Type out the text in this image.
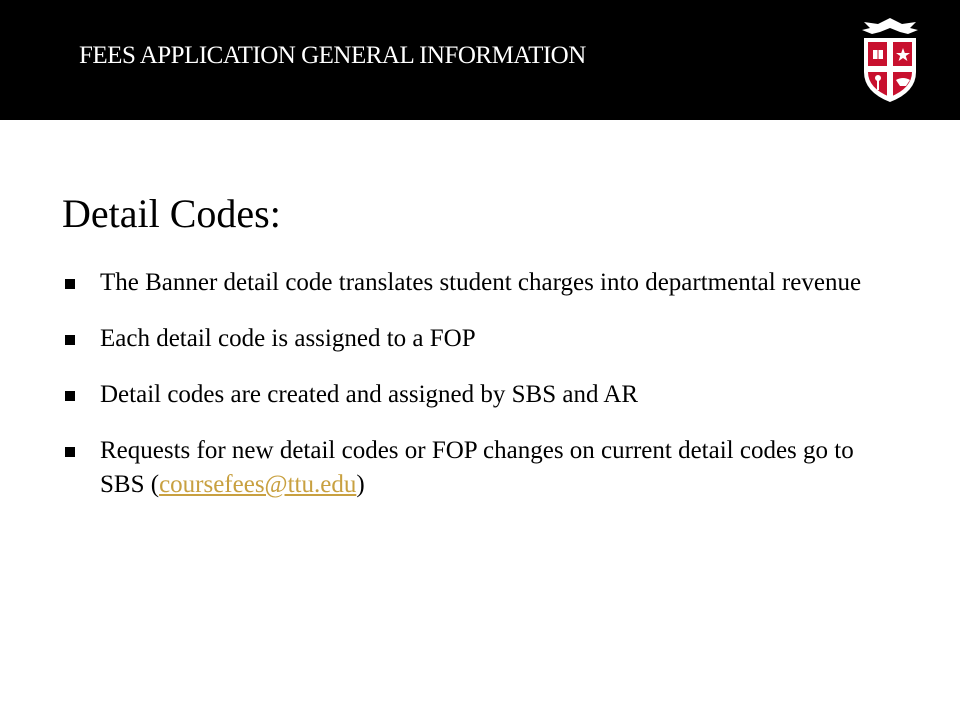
FEES APPLICATION GENERAL INFORMATION
Detail Codes:
The Banner detail code translates student charges into departmental revenue
Each detail code is assigned to a FOP
Detail codes are created and assigned by SBS and AR
Requests for new detail codes or FOP changes on current detail codes go to SBS (coursefees@ttu.edu)
